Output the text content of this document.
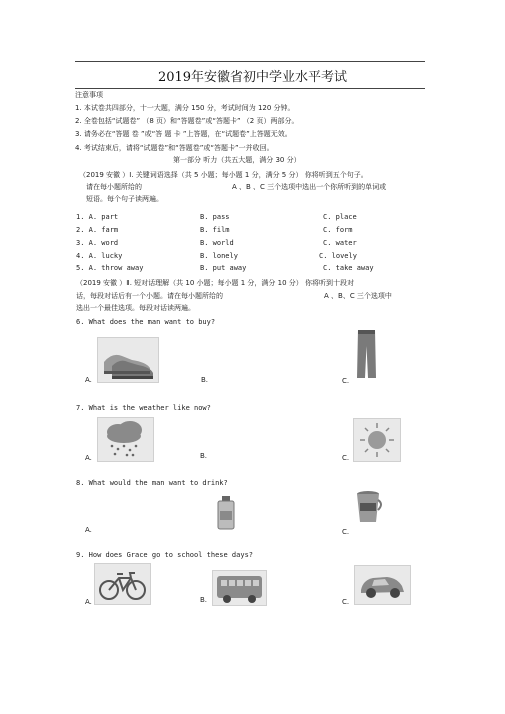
2019年安徽省初中学业水平考试
注意事项
1. 本试卷共四部分，十一大题，满分 150 分，考试时间为 120 分钟。
2. 全卷包括“试题卷” （8 页）和“答题卷”或“答题卡” （2 页）两部分。
3. 请务必在“答题 卷 ”或“答 题 卡 ”上答题，在“试题卷”上答题无效。
4. 考试结束后，请将“试题卷”和“答题卷”或“答题卡”一并收回。
第一部分 听力（共五大题，满分 30 分）
（2019 安徽 ）Ⅰ. 关键词语选择（共 5 小题；每小题 1 分，满分 5 分） 你将听到五个句子。
请在每小题所给的	A 、B 、C 三个选项中选出一个你所听到的单词或
短语。每个句子读两遍。
1. A. part	B. pass	C. place
2. A. farm	B. film	C. form
3. A. word	B. world	C. water
4. A. lucky	B. lonely	C. lovely
5. A. throw away	B. put away	C. take away
（2019 安徽 ）Ⅱ. 短对话理解（共 10 小题；每小题 1 分，满分 10 分） 你将听到十段对
话，每段对话后有一个小题。请在每小题所给的	A 、B、C 三个选项中
选出一个最佳选项。每段对话读两遍。
6. What does the man want to buy?
A.	B.	C.
7. What is the weather like now?
A.	B.	C.
8. What would the man want to drink?
A.	C.
9. How does Grace go to school these days?
A.	B.	C.
